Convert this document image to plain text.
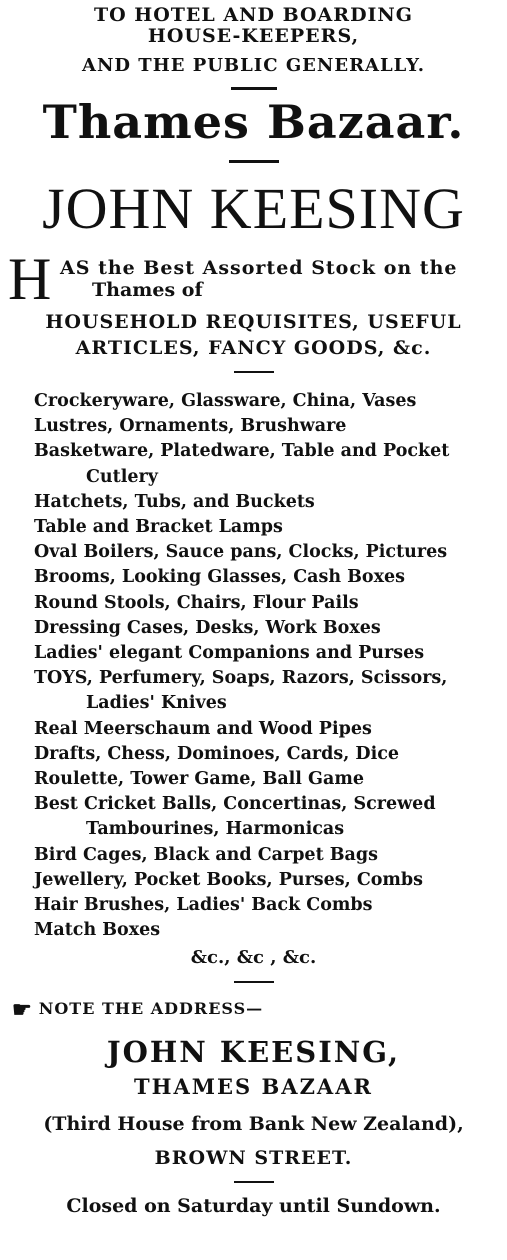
TO HOTEL AND BOARDING
HOUSE-KEEPERS,
AND THE PUBLIC GENERALLY.
Thames Bazaar.
JOHN KEESING
H AS the Best Assorted Stock on the
Thames of
HOUSEHOLD REQUISITES, USEFUL
ARTICLES, FANCY GOODS, &c.
Crockeryware, Glassware, China, Vases
Lustres, Ornaments, Brushware
Basketware, Platedware, Table and Pocket
Cutlery
Hatchets, Tubs, and Buckets
Table and Bracket Lamps
Oval Boilers, Sauce pans, Clocks, Pictures
Brooms, Looking Glasses, Cash Boxes
Round Stools, Chairs, Flour Pails
Dressing Cases, Desks, Work Boxes
Ladies' elegant Companions and Purses
TOYS, Perfumery, Soaps, Razors, Scissors,
Ladies' Knives
Real Meerschaum and Wood Pipes
Drafts, Chess, Dominoes, Cards, Dice
Roulette, Tower Game, Ball Game
Best Cricket Balls, Concertinas, Screwed
Tambourines, Harmonicas
Bird Cages, Black and Carpet Bags
Jewellery, Pocket Books, Purses, Combs
Hair Brushes, Ladies' Back Combs
Match Boxes
&c., &c , &c.
☛ NOTE THE ADDRESS—
JOHN KEESING,
THAMES BAZAAR
(Third House from Bank New Zealand),
BROWN STREET.
Closed on Saturday until Sundown.
